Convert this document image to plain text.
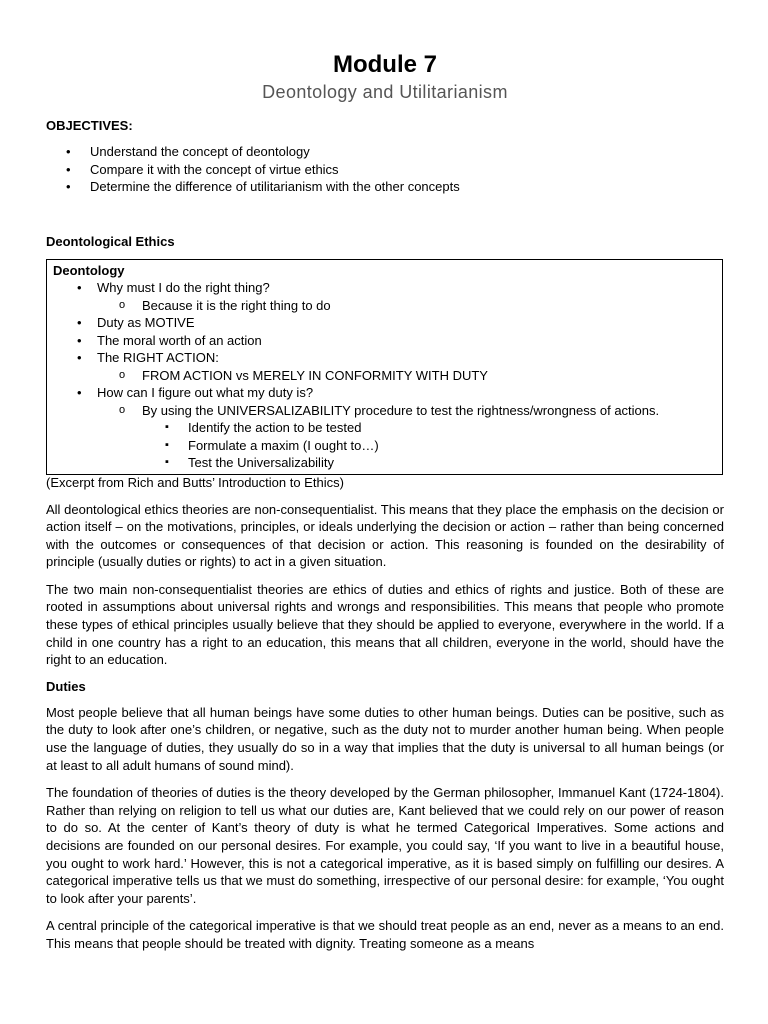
Module 7
Deontology and Utilitarianism
OBJECTIVES:
• Understand the concept of deontology
• Compare it with the concept of virtue ethics
• Determine the difference of utilitarianism with the other concepts
Deontological Ethics
Deontology
• Why must I do the right thing?
o Because it is the right thing to do
• Duty as MOTIVE
• The moral worth of an action
• The RIGHT ACTION:
o FROM ACTION vs MERELY IN CONFORMITY WITH DUTY
• How can I figure out what my duty is?
o By using the UNIVERSALIZABILITY procedure to test the rightness/wrongness of actions.
▪ Identify the action to be tested
▪ Formulate a maxim (I ought to…)
▪ Test the Universalizability
(Excerpt from Rich and Butts’ Introduction to Ethics)

All deontological ethics theories are non-consequentialist. This means that they place the emphasis on the decision or action itself – on the motivations, principles, or ideals underlying the decision or action – rather than being concerned with the outcomes or consequences of that decision or action. This reasoning is founded on the desirability of principle (usually duties or rights) to act in a given situation.

The two main non-consequentialist theories are ethics of duties and ethics of rights and justice. Both of these are rooted in assumptions about universal rights and wrongs and responsibilities. This means that people who promote these types of ethical principles usually believe that they should be applied to everyone, everywhere in the world. If a child in one country has a right to an education, this means that all children, everyone in the world, should have the right to an education.

Duties

Most people believe that all human beings have some duties to other human beings. Duties can be positive, such as the duty to look after one’s children, or negative, such as the duty not to murder another human being. When people use the language of duties, they usually do so in a way that implies that the duty is universal to all human beings (or at least to all adult humans of sound mind).

The foundation of theories of duties is the theory developed by the German philosopher, Immanuel Kant (1724-1804). Rather than relying on religion to tell us what our duties are, Kant believed that we could rely on our power of reason to do so. At the center of Kant’s theory of duty is what he termed Categorical Imperatives. Some actions and decisions are founded on our personal desires. For example, you could say, ‘If you want to live in a beautiful house, you ought to work hard.’ However, this is not a categorical imperative, as it is based simply on fulfilling our desires. A categorical imperative tells us that we must do something, irrespective of our personal desire: for example, ‘You ought to look after your parents’.

A central principle of the categorical imperative is that we should treat people as an end, never as a means to an end. This means that people should be treated with dignity. Treating someone as a means
